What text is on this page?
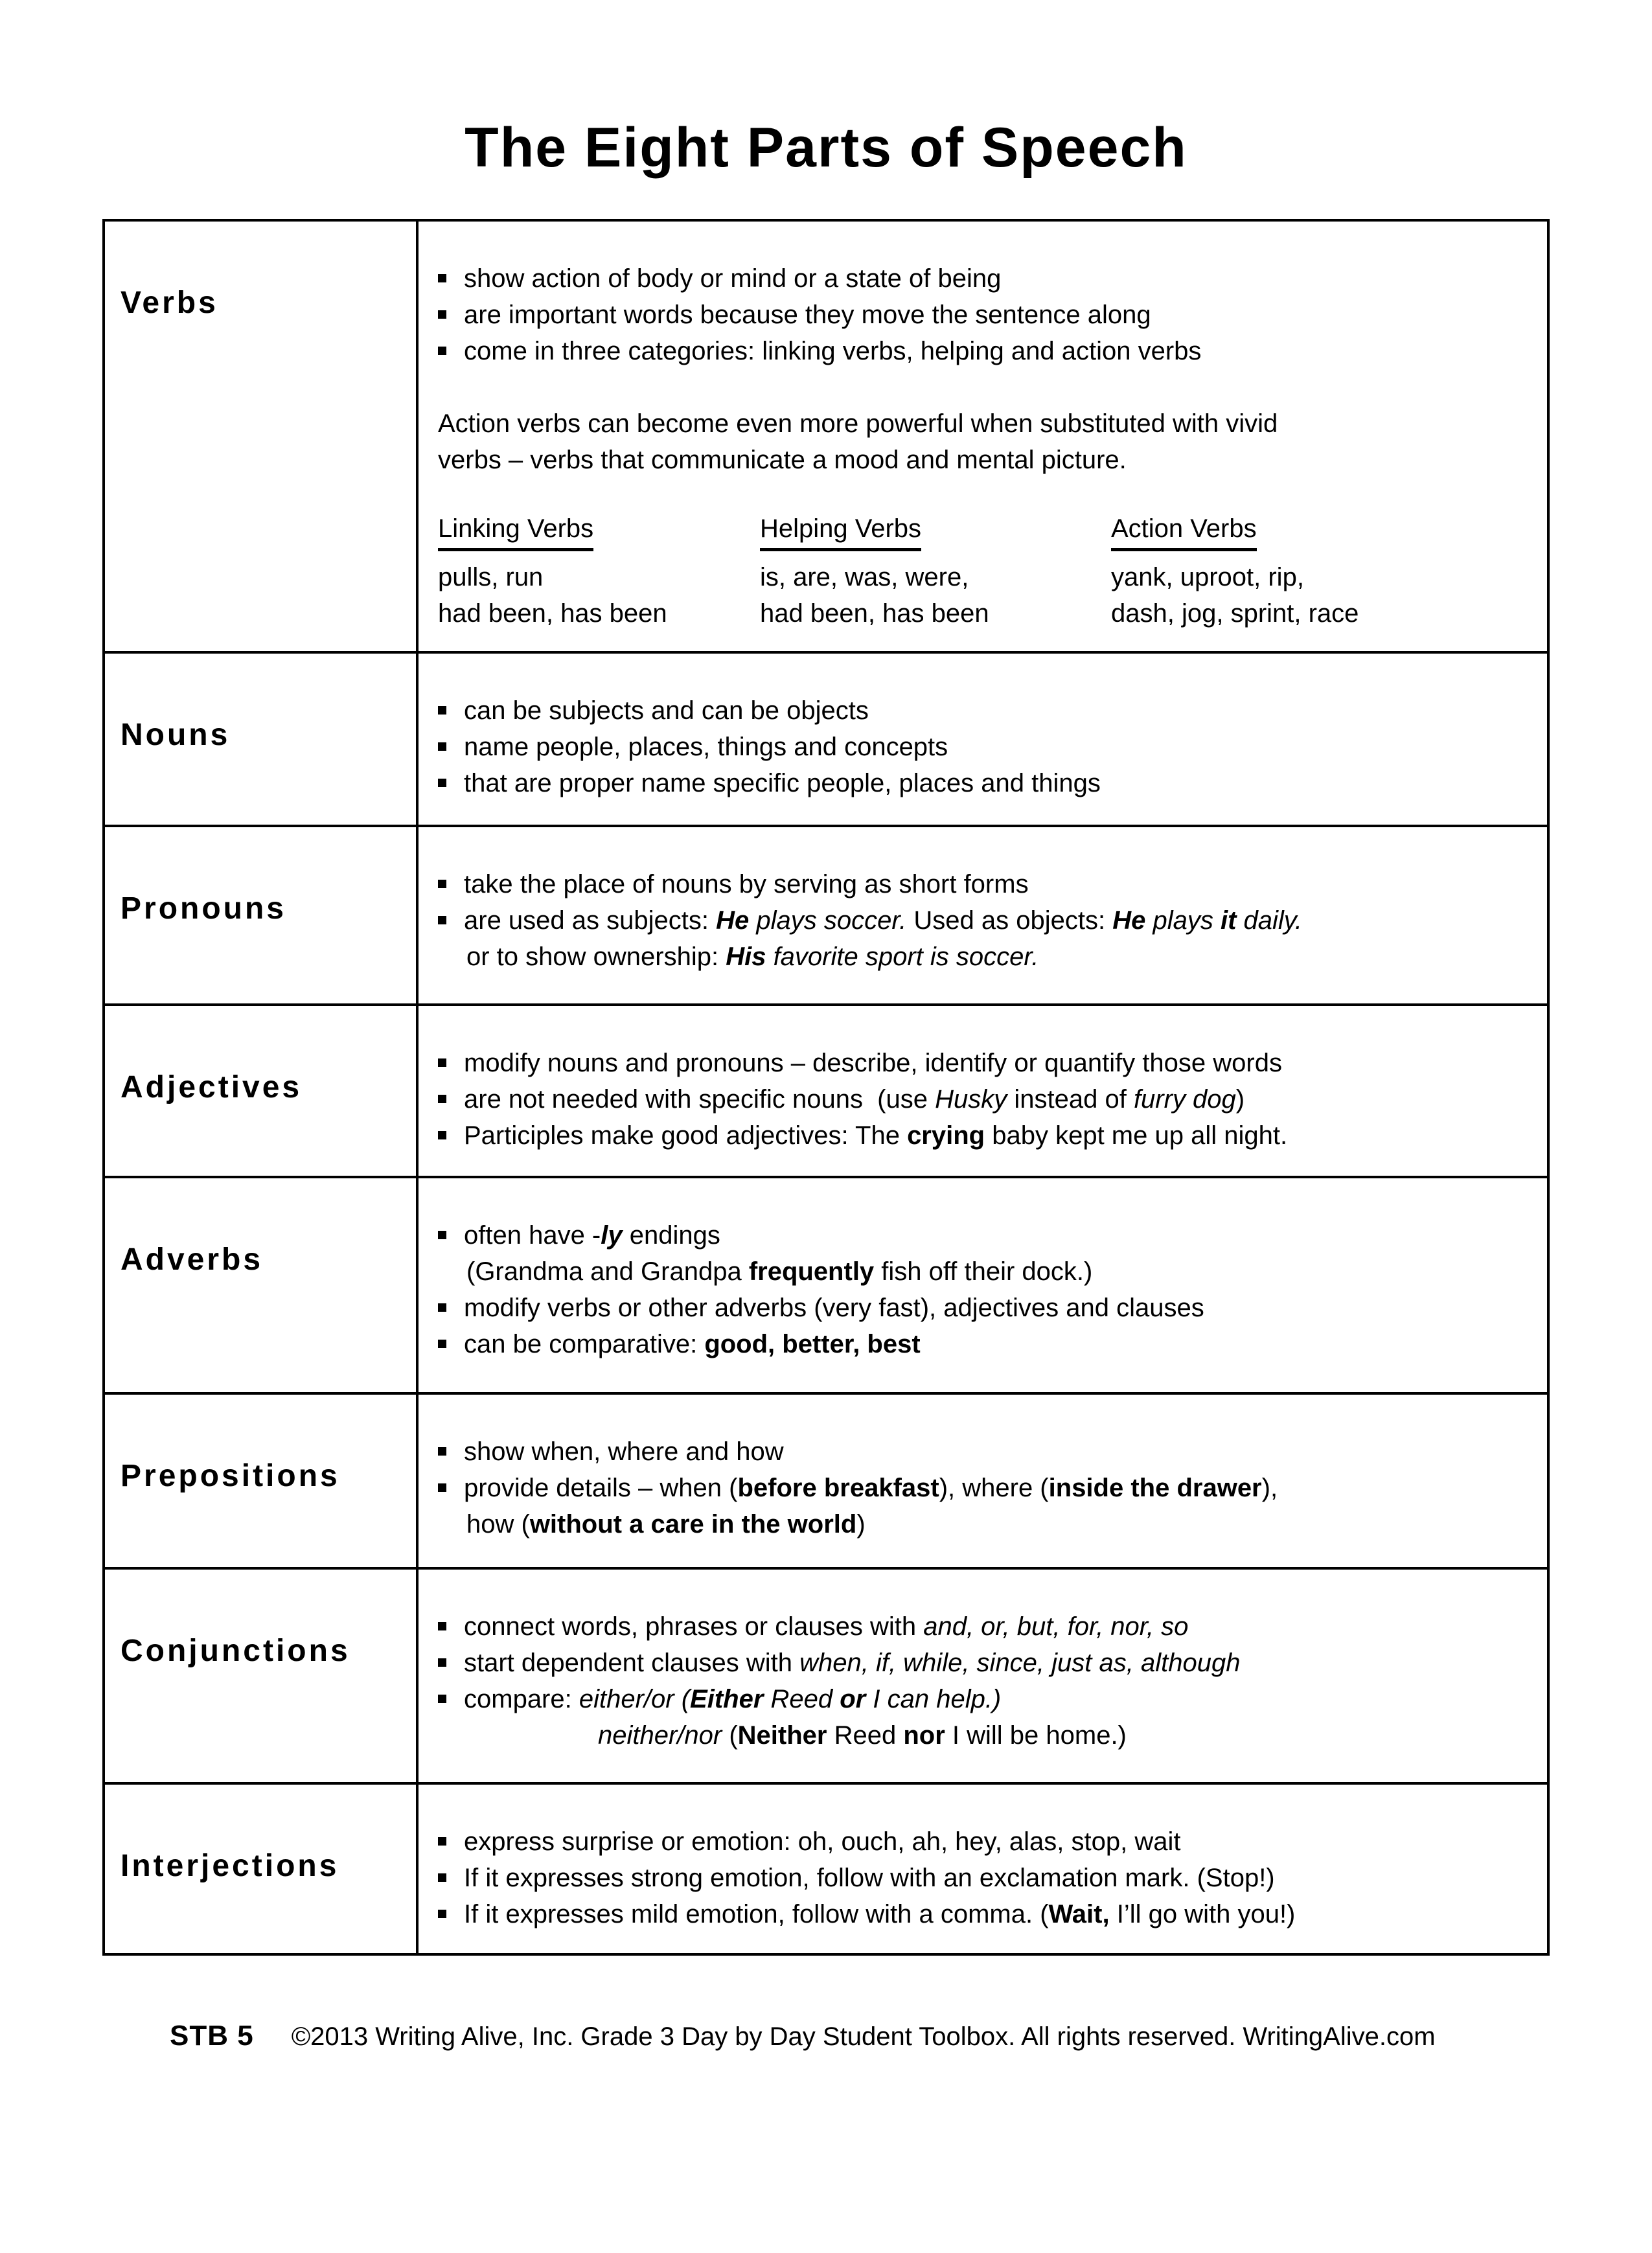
The Eight Parts of Speech
Verbs
show action of body or mind or a state of being
are important words because they move the sentence along
come in three categories: linking verbs, helping and action verbs
Action verbs can become even more powerful when substituted with vivid
verbs – verbs that communicate a mood and mental picture.
Linking Verbs
pulls, run
had been, has been
Helping Verbs
is, are, was, were,
had been, has been
Action Verbs
yank, uproot, rip,
dash, jog, sprint, race
Nouns
can be subjects and can be objects
name people, places, things and concepts
that are proper name specific people, places and things
Pronouns
take the place of nouns by serving as short forms
are used as subjects: He plays soccer. Used as objects: He plays it daily.
or to show ownership: His favorite sport is soccer.
Adjectives
modify nouns and pronouns – describe, identify or quantify those words
are not needed with specific nouns  (use Husky instead of furry dog)
Participles make good adjectives: The crying baby kept me up all night.
Adverbs
often have -ly endings
(Grandma and Grandpa frequently fish off their dock.)
modify verbs or other adverbs (very fast), adjectives and clauses
can be comparative: good, better, best
Prepositions
show when, where and how
provide details – when (before breakfast), where (inside the drawer),
how (without a care in the world)
Conjunctions
connect words, phrases or clauses with and, or, but, for, nor, so
start dependent clauses with when, if, while, since, just as, although
compare: either/or (Either Reed or I can help.)
neither/nor (Neither Reed nor I will be home.)
Interjections
express surprise or emotion: oh, ouch, ah, hey, alas, stop, wait
If it expresses strong emotion, follow with an exclamation mark. (Stop!)
If it expresses mild emotion, follow with a comma. (Wait, I’ll go with you!)
STB 5 ©2013 Writing Alive, Inc. Grade 3 Day by Day Student Toolbox. All rights reserved. WritingAlive.com
